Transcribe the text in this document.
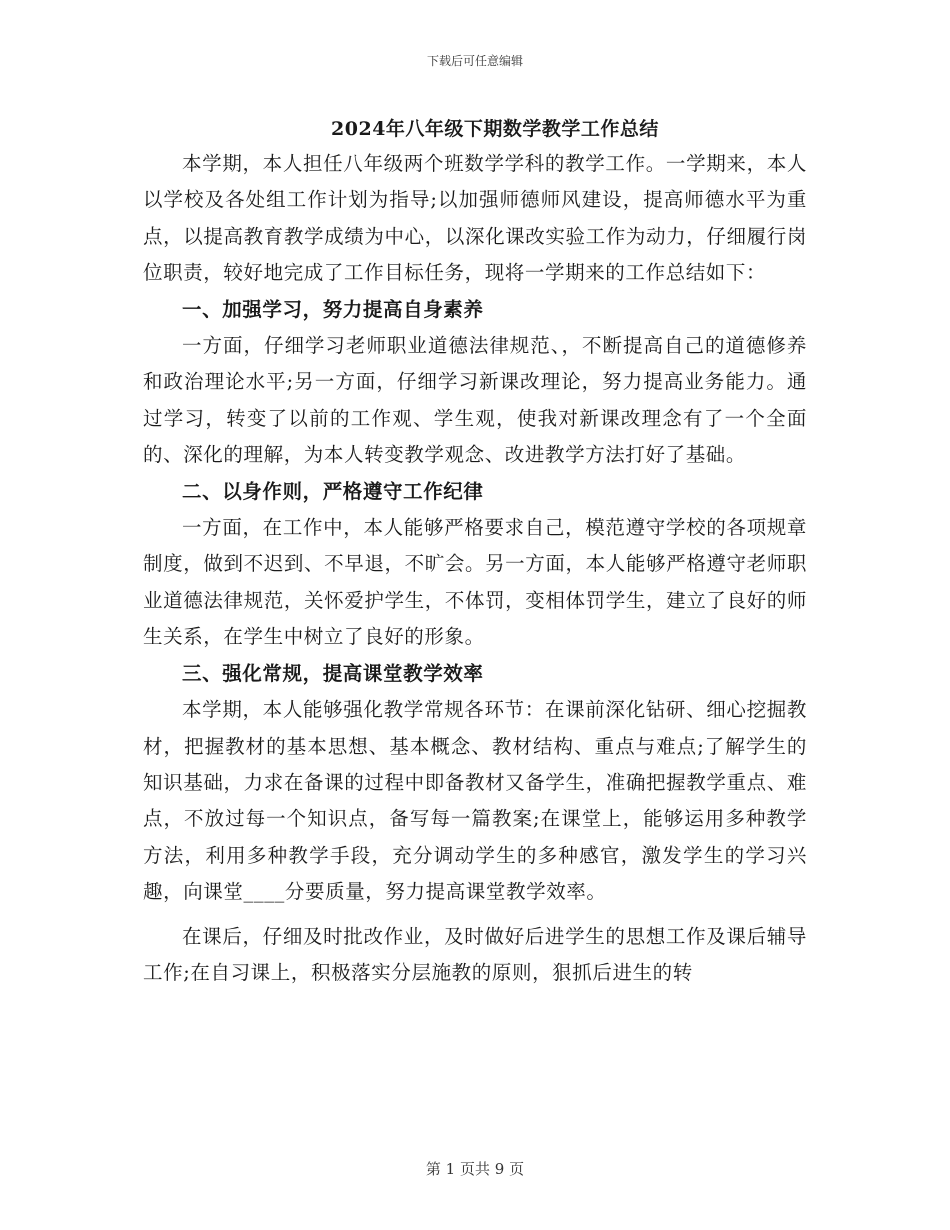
下载后可任意编辑
2024年八年级下期数学教学工作总结

本学期，本人担任八年级两个班数学学科的教学工作。一学期来，本人以学校及各处组工作计划为指导;以加强师德师风建设，提高师德水平为重点，以提高教育教学成绩为中心，以深化课改实验工作为动力，仔细履行岗位职责，较好地完成了工作目标任务，现将一学期来的工作总结如下：

一、加强学习，努力提高自身素养

一方面，仔细学习老师职业道德法律规范、，不断提高自己的道德修养和政治理论水平;另一方面，仔细学习新课改理论，努力提高业务能力。通过学习，转变了以前的工作观、学生观，使我对新课改理念有了一个全面的、深化的理解，为本人转变教学观念、改进教学方法打好了基础。

二、以身作则，严格遵守工作纪律

一方面，在工作中，本人能够严格要求自己，模范遵守学校的各项规章制度，做到不迟到、不早退，不旷会。另一方面，本人能够严格遵守老师职业道德法律规范，关怀爱护学生，不体罚，变相体罚学生，建立了良好的师生关系，在学生中树立了良好的形象。

三、强化常规，提高课堂教学效率

本学期，本人能够强化教学常规各环节：在课前深化钻研、细心挖掘教材，把握教材的基本思想、基本概念、教材结构、重点与难点;了解学生的知识基础，力求在备课的过程中即备教材又备学生，准确把握教学重点、难点，不放过每一个知识点，备写每一篇教案;在课堂上，能够运用多种教学方法，利用多种教学手段，充分调动学生的多种感官，激发学生的学习兴趣，向课堂____分要质量，努力提高课堂教学效率。

在课后，仔细及时批改作业，及时做好后进学生的思想工作及课后辅导工作;在自习课上，积极落实分层施教的原则，狠抓后进生的转

第 1 页共 9 页
